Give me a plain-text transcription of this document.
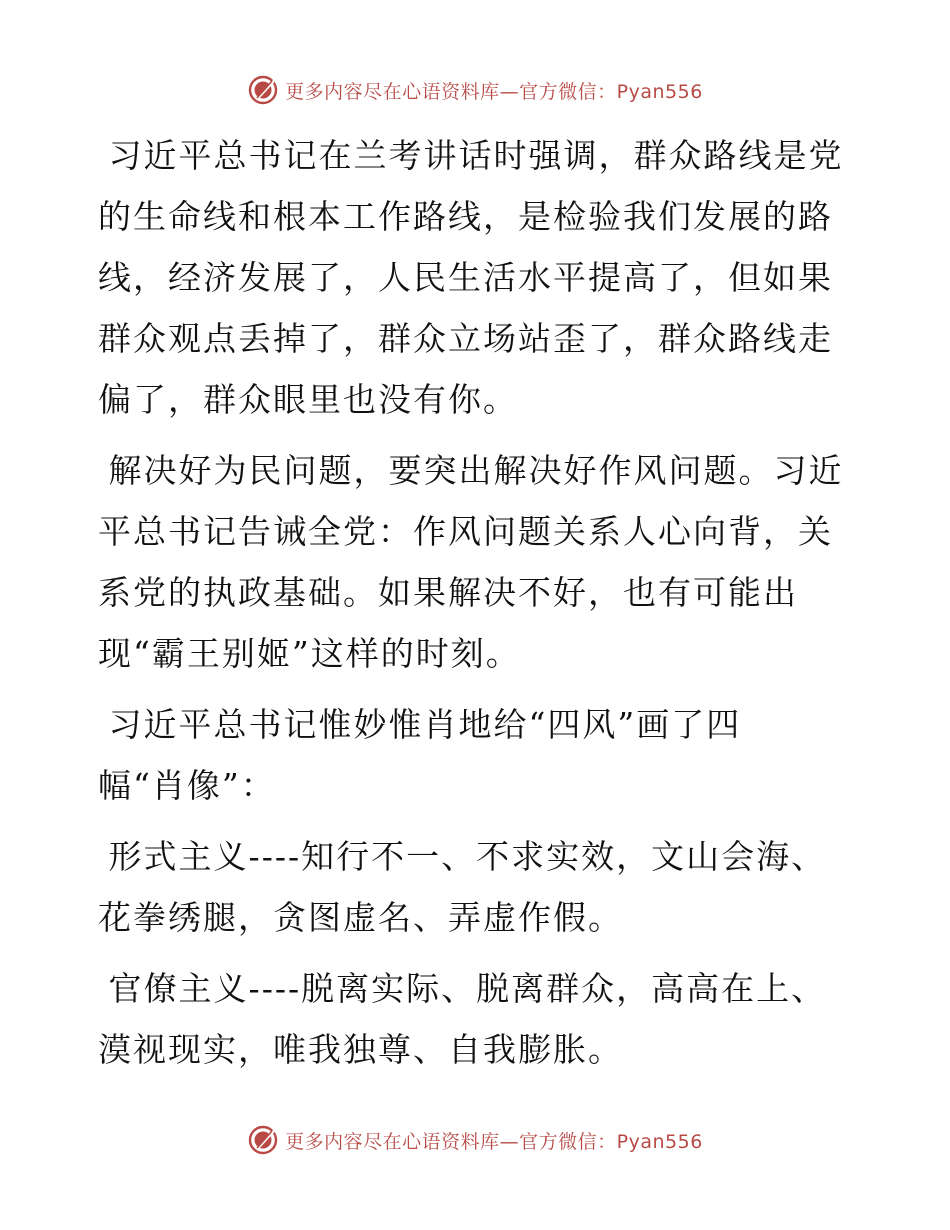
更多内容尽在心语资料库—官方微信：Pyan556

习近平总书记在兰考讲话时强调，群众路线是党的生命线和根本工作路线，是检验我们发展的路线，经济发展了，人民生活水平提高了，但如果群众观点丢掉了，群众立场站歪了，群众路线走偏了，群众眼里也没有你。

解决好为民问题，要突出解决好作风问题。习近平总书记告诫全党：作风问题关系人心向背，关系党的执政基础。如果解决不好，也有可能出现“霸王别姬”这样的时刻。

习近平总书记惟妙惟肖地给“四风”画了四幅“肖像”：

形式主义----知行不一、不求实效，文山会海、花拳绣腿，贪图虚名、弄虚作假。

官僚主义----脱离实际、脱离群众，高高在上、漠视现实，唯我独尊、自我膨胀。

更多内容尽在心语资料库—官方微信：Pyan556
